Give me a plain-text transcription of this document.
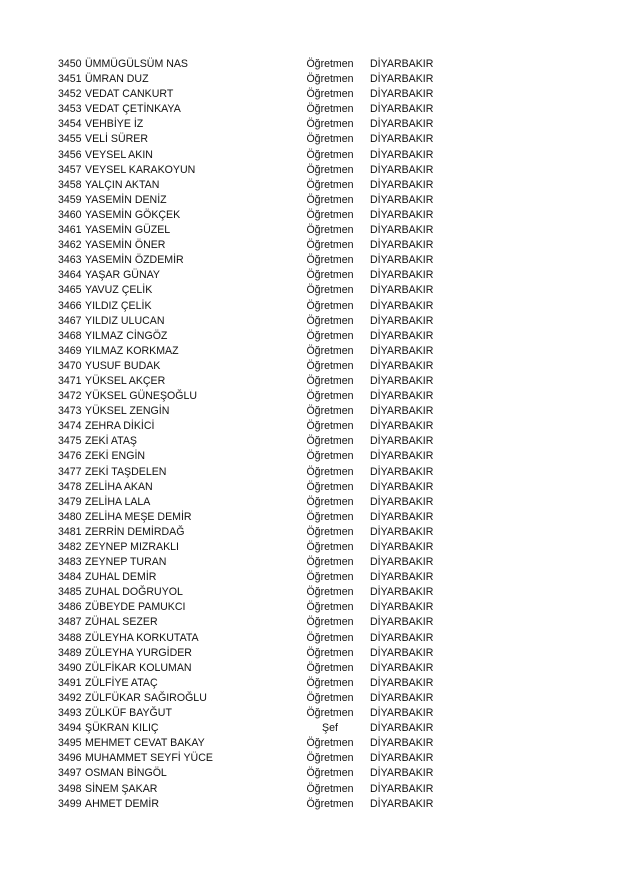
3450 ÜMMÜGÜLSÜM NAS	Öğretmen DİYARBAKIR
3451 ÜMRAN DUZ	Öğretmen DİYARBAKIR
3452 VEDAT CANKURT	Öğretmen DİYARBAKIR
3453 VEDAT ÇETİNKAYA	Öğretmen DİYARBAKIR
3454 VEHBİYE İZ	Öğretmen DİYARBAKIR
3455 VELİ SÜRER	Öğretmen DİYARBAKIR
3456 VEYSEL AKIN	Öğretmen DİYARBAKIR
3457 VEYSEL KARAKOYUN	Öğretmen DİYARBAKIR
3458 YALÇIN AKTAN	Öğretmen DİYARBAKIR
3459 YASEMİN DENİZ	Öğretmen DİYARBAKIR
3460 YASEMİN GÖKÇEK	Öğretmen DİYARBAKIR
3461 YASEMİN GÜZEL	Öğretmen DİYARBAKIR
3462 YASEMİN ÖNER	Öğretmen DİYARBAKIR
3463 YASEMİN ÖZDEMİR	Öğretmen DİYARBAKIR
3464 YAŞAR GÜNAY	Öğretmen DİYARBAKIR
3465 YAVUZ ÇELİK	Öğretmen DİYARBAKIR
3466 YILDIZ ÇELİK	Öğretmen DİYARBAKIR
3467 YILDIZ ULUCAN	Öğretmen DİYARBAKIR
3468 YILMAZ CİNGÖZ	Öğretmen DİYARBAKIR
3469 YILMAZ KORKMAZ	Öğretmen DİYARBAKIR
3470 YUSUF BUDAK	Öğretmen DİYARBAKIR
3471 YÜKSEL AKÇER	Öğretmen DİYARBAKIR
3472 YÜKSEL GÜNEŞOĞLU	Öğretmen DİYARBAKIR
3473 YÜKSEL ZENGİN	Öğretmen DİYARBAKIR
3474 ZEHRA DİKİCİ	Öğretmen DİYARBAKIR
3475 ZEKİ ATAŞ	Öğretmen DİYARBAKIR
3476 ZEKİ ENGİN	Öğretmen DİYARBAKIR
3477 ZEKİ TAŞDELEN	Öğretmen DİYARBAKIR
3478 ZELİHA AKAN	Öğretmen DİYARBAKIR
3479 ZELİHA LALA	Öğretmen DİYARBAKIR
3480 ZELİHA MEŞE DEMİR	Öğretmen DİYARBAKIR
3481 ZERRİN DEMİRDAĞ	Öğretmen DİYARBAKIR
3482 ZEYNEP MIZRAKLI	Öğretmen DİYARBAKIR
3483 ZEYNEP TURAN	Öğretmen DİYARBAKIR
3484 ZUHAL DEMİR	Öğretmen DİYARBAKIR
3485 ZUHAL DOĞRUYOL	Öğretmen DİYARBAKIR
3486 ZÜBEYDE PAMUKCI	Öğretmen DİYARBAKIR
3487 ZÜHAL SEZER	Öğretmen DİYARBAKIR
3488 ZÜLEYHA KORKUTATA	Öğretmen DİYARBAKIR
3489 ZÜLEYHA YURGİDER	Öğretmen DİYARBAKIR
3490 ZÜLFİKAR KOLUMAN	Öğretmen DİYARBAKIR
3491 ZÜLFİYE ATAÇ	Öğretmen DİYARBAKIR
3492 ZÜLFÜKAR SAĞIROĞLU	Öğretmen DİYARBAKIR
3493 ZÜLKÜF BAYĞUT	Öğretmen DİYARBAKIR
3494 ŞÜKRAN KILIÇ	Şef	DİYARBAKIR
3495 MEHMET CEVAT BAKAY	Öğretmen DİYARBAKIR
3496 MUHAMMET SEYFİ YÜCE	Öğretmen DİYARBAKIR
3497 OSMAN BİNGÖL	Öğretmen DİYARBAKIR
3498 SİNEM ŞAKAR	Öğretmen DİYARBAKIR
3499 AHMET DEMİR	Öğretmen DİYARBAKIR
